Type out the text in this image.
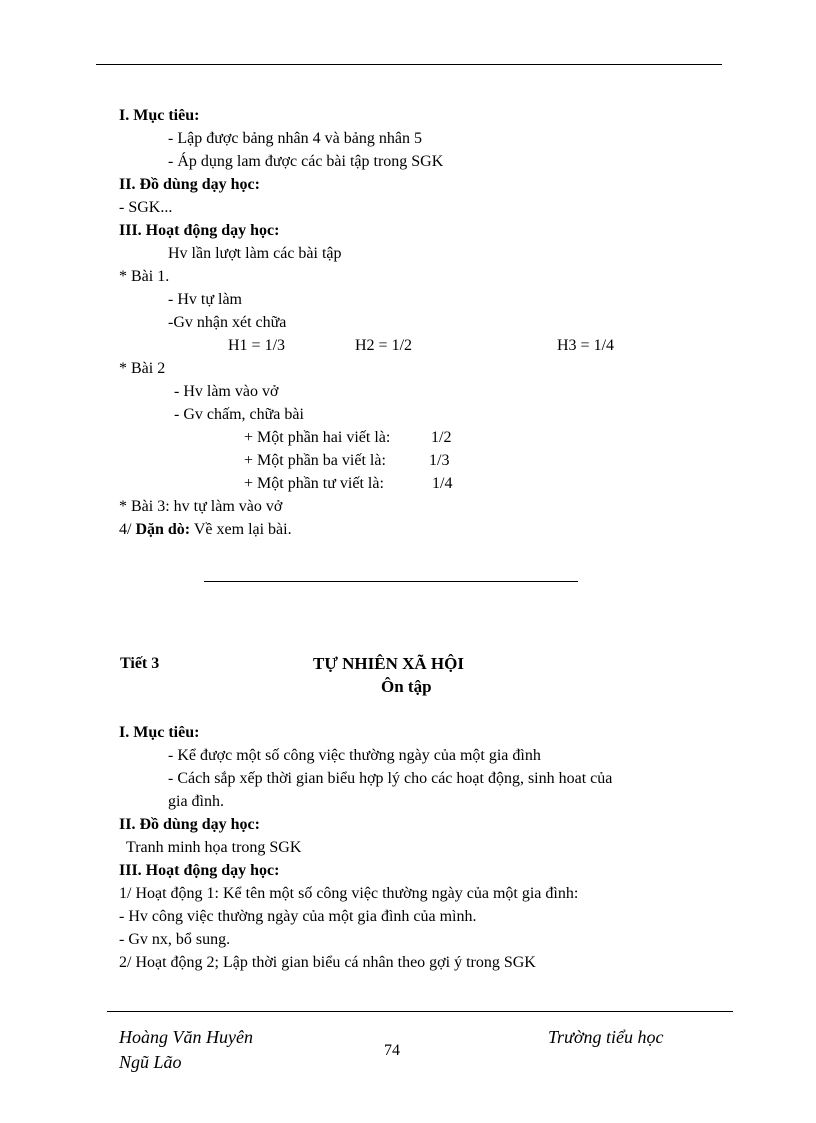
I. Mục tiêu:
- Lập được bảng nhân 4 và bảng nhân 5
- Áp dụng lam được các bài tập trong SGK
II. Đồ dùng dạy học:
- SGK...
III. Hoạt động dạy học:
Hv lần lượt làm các bài tập
* Bài 1.
- Hv tự làm
-Gv nhận xét chữa
H1 = 1/3	H2 = 1/2	H3 = 1/4
* Bài 2
- Hv làm vào vở
- Gv chấm, chữa bài
+ Một phần hai viết là:	1/2
+ Một phần ba viết là:	1/3
+ Một phần tư viết là:	1/4
* Bài 3: hv tự làm vào vở
4/ Dặn dò: Về xem lại bài.
Tiết 3	TỰ NHIÊN XÃ HỘI
Ôn tập
I. Mục tiêu:
- Kể được một số công việc thường ngày của một gia đình
- Cách sắp xếp thời gian biểu hợp lý cho các hoạt động, sinh hoat của
gia đình.
II. Đồ dùng dạy học:
Tranh minh họa trong SGK
III. Hoạt động dạy học:
1/ Hoạt động 1: Kể tên một số công việc thường ngày của một gia đình:
- Hv công việc thường ngày của một gia đình của mình.
- Gv nx, bổ sung.
2/ Hoạt động 2; Lập thời gian biểu cá nhân theo gợi ý trong SGK
Hoàng Văn Huyên
Ngũ Lão
74
Trường tiểu học
